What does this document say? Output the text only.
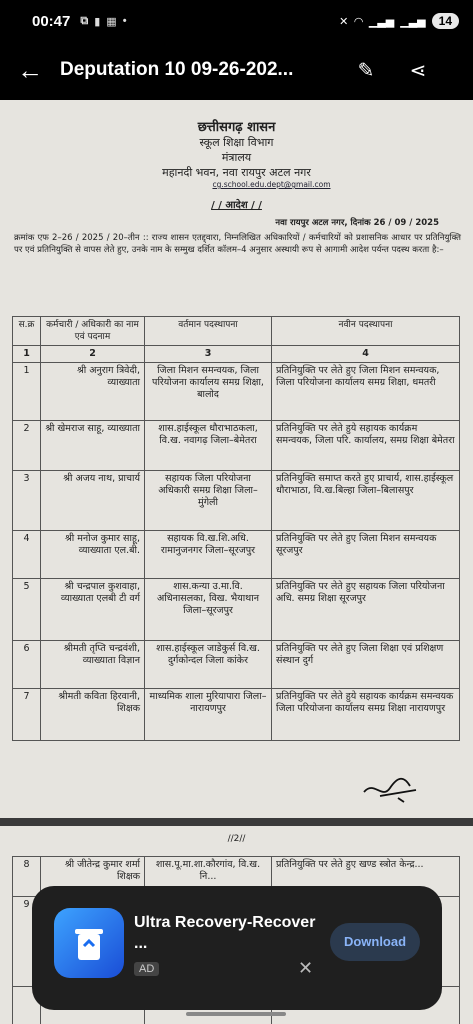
00:47 ⧉ ▮ ▦ •	✕ ◠ ▁▃▅ ▁▃▅	14
← Deputation 10 09-26-202...	✎	⋖
छत्तीसगढ़ शासन
स्कूल शिक्षा विभाग
मंत्रालय
महानदी भवन, नवा रायपुर अटल नगर
cg.school.edu.dept@gmail.com
/ / आदेश / /
नवा रायपुर अटल नगर, दिनांक 26 / 09 / 2025
क्रमांक एफ 2–26 / 2025 / 20–तीन :: राज्य शासन एतद्द्वारा, निम्नलिखित अधिकारियों / कर्मचारियों को प्रशासनिक आधार पर प्रतिनियुक्ति पर एवं प्रतिनियुक्ति से वापस लेते हुए, उनके नाम के सम्मुख दर्शित कॉलम–4 अनुसार अस्थायी रूप से आगामी आदेश पर्यन्त पदस्थ करता है:–
स.क्र	कर्मचारी / अधिकारी का नाम एवं पदनाम	वर्तमान पदस्थापना	नवीन पदस्थापना
1	2	3	4
1	श्री अनुराग त्रिवेदी, व्याख्याता	जिला मिशन समन्वयक, जिला परियोजना कार्यालय समग्र शिक्षा, बालोद	प्रतिनियुक्ति पर लेते हुए जिला मिशन समन्वयक, जिला परियोजना कार्यालय समग्र शिक्षा, धमतरी
2	श्री खेमराज साहू, व्याख्याता	शास.हाईस्कूल धौराभाठकला, वि.ख. नवागढ़ जिला–बेमेतरा	प्रतिनियुक्ति पर लेते हुये सहायक कार्यक्रम समन्वयक, जिला परि. कार्यालय, समग्र शिक्षा बेमेतरा
3	श्री अजय नाथ, प्राचार्य	सहायक जिला परियोजना अधिकारी समग्र शिक्षा जिला–मुंगेली	प्रतिनियुक्ति समाप्त करते हुए प्राचार्य, शास.हाईस्कूल धौराभाठा, वि.ख.बिल्हा जिला–बिलासपुर
4	श्री मनोज कुमार साहू, व्याख्याता एल.बी.	सहायक वि.ख.शि.अधि. रामानुजनगर जिला–सूरजपुर	प्रतिनियुक्ति पर लेते हुए जिला मिशन समन्वयक सूरजपुर
5	श्री चन्द्रपाल कुशवाहा, व्याख्याता एलबी टी वर्ग	शास.कन्या उ.मा.वि. अधिनासलका, विख. भैयाथान जिला–सूरजपुर	प्रतिनियुक्ति पर लेते हुए सहायक जिला परियोजना अधि. समग्र शिक्षा सूरजपुर
6	श्रीमती तृप्ति चन्द्रवंशी, व्याख्याता विज्ञान	शास.हाईस्कूल जाडेकुर्स वि.ख. दुर्गकोन्दल जिला कांकेर	प्रतिनियुक्ति पर लेते हुए जिला शिक्षा एवं प्रशिक्षण संस्थान दुर्ग
7	श्रीमती कविता हिरवानी, शिक्षक	माध्यमिक शाला मुरियापारा जिला–नारायणपुर	प्रतिनियुक्ति पर लेते हुये सहायक कार्यक्रम समन्वयक जिला परियोजना कार्यालय समग्र शिक्षा नारायणपुर
//2//
8	श्री जीतेन्द्र कुमार शर्मा शिक्षक	शास.पू.मा.शा.कौरगांव, वि.ख. नि...	प्रतिनियुक्ति पर लेते हुए खण्ड स्त्रोत केन्द्र...
9			

Ultra Recovery-Recover ...
AD	✕
Download
